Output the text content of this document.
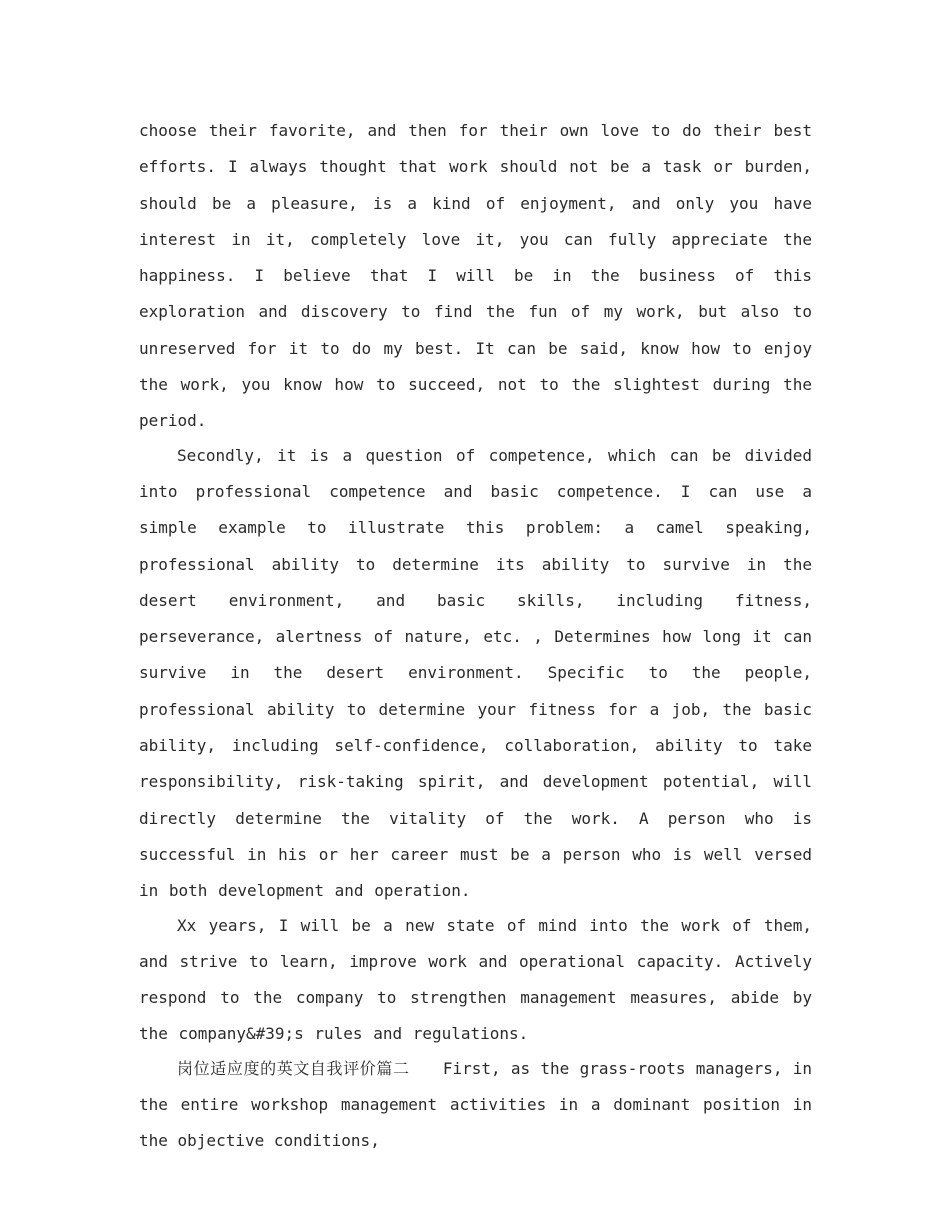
choose their favorite, and then for their own love to do their best efforts. I always thought that work should not be a task or burden, should be a pleasure, is a kind of enjoyment, and only you have interest in it, completely love it, you can fully appreciate the happiness. I believe that I will be in the business of this exploration and discovery to find the fun of my work, but also to unreserved for it to do my best. It can be said, know how to enjoy the work, you know how to succeed, not to the slightest during the period.

Secondly, it is a question of competence, which can be divided into professional competence and basic competence. I can use a simple example to illustrate this problem: a camel speaking, professional ability to determine its ability to survive in the desert environment, and basic skills, including fitness, perseverance, alertness of nature, etc. , Determines how long it can survive in the desert environment. Specific to the people, professional ability to determine your fitness for a job, the basic ability, including self-confidence, collaboration, ability to take responsibility, risk-taking spirit, and development potential, will directly determine the vitality of the work. A person who is successful in his or her career must be a person who is well versed in both development and operation.

Xx years, I will be a new state of mind into the work of them, and strive to learn, improve work and operational capacity. Actively respond to the company to strengthen management measures, abide by the company&#39;s rules and regulations.

岗位适应度的英文自我评价篇二　　First, as the grass-roots managers, in the entire workshop management activities in a dominant position in the objective conditions,
